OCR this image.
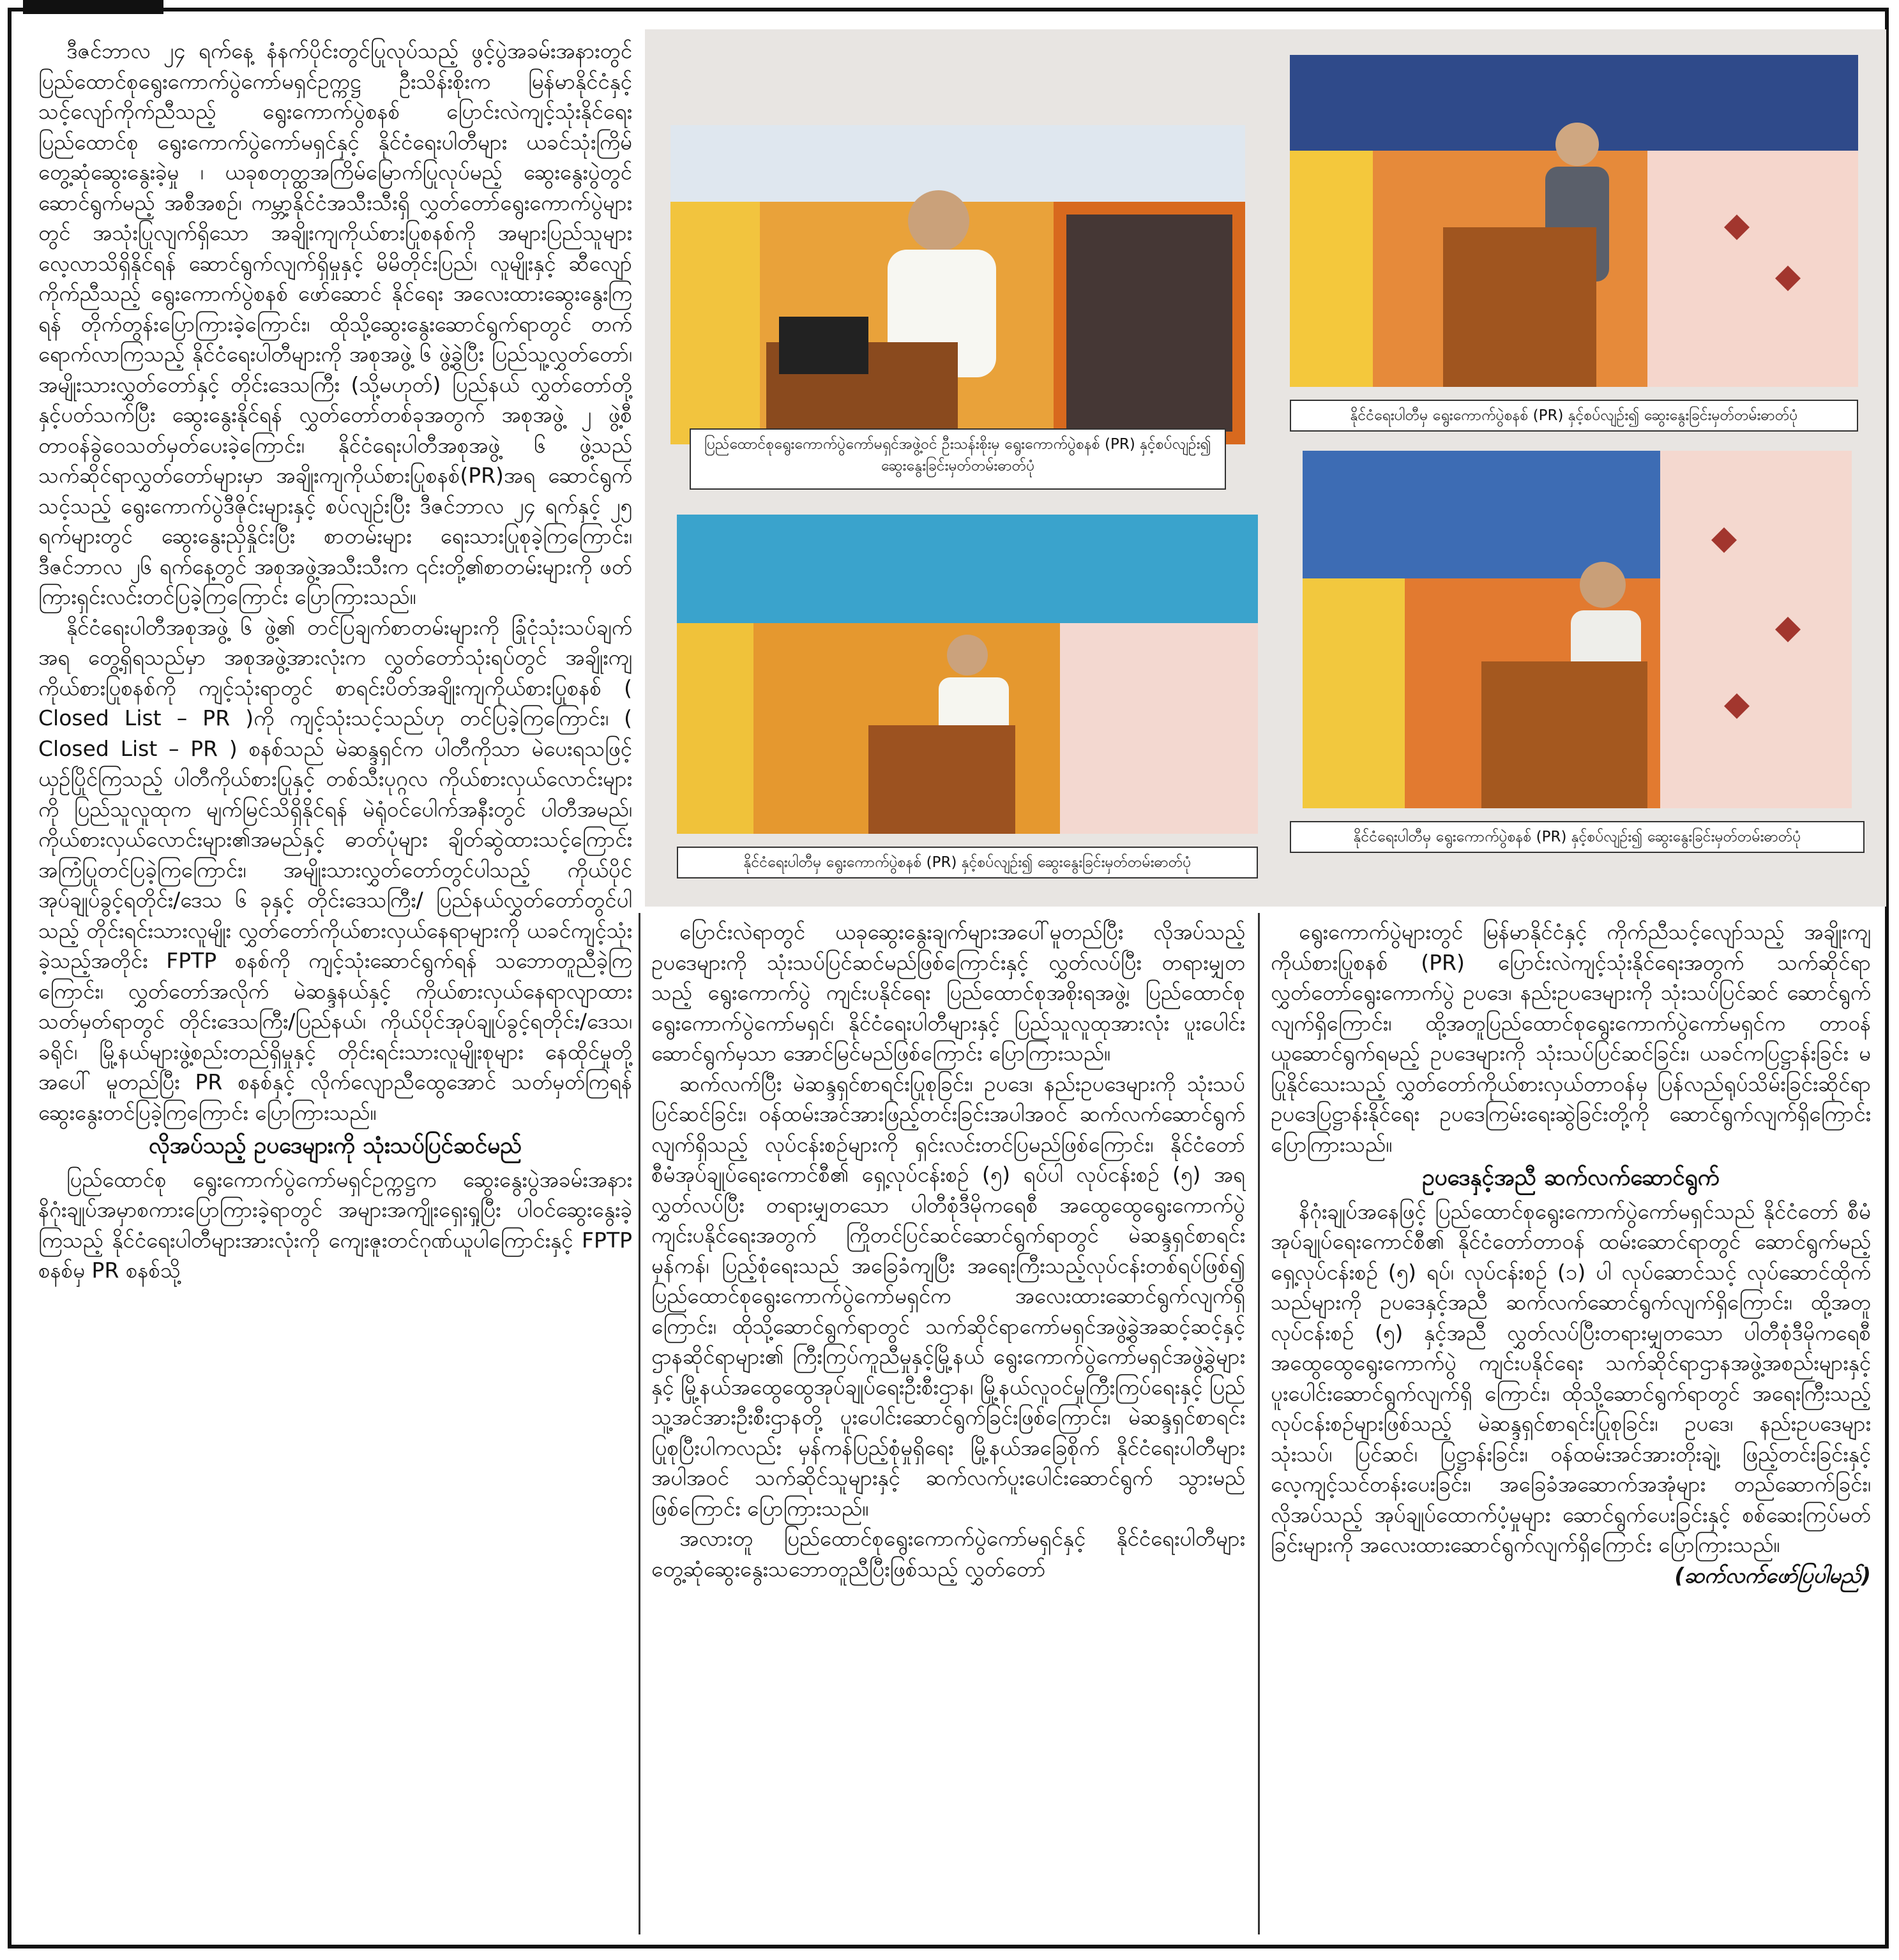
ဒီဇင်ဘာလ ၂၄ ရက်နေ့ နံနက်ပိုင်းတွင်ပြုလုပ်သည့် ဖွင့်ပွဲအခမ်းအနားတွင် ပြည်ထောင်စုရွေးကောက်ပွဲကော်မရှင်ဥက္ကဋ္ဌ ဦးသိန်းစိုးက မြန်မာနိုင်ငံနှင့် သင့်လျော်ကိုက်ညီသည့် ရွေးကောက်ပွဲစနစ် ပြောင်းလဲကျင့်သုံးနိုင်ရေး ပြည်ထောင်စု ရွေးကောက်ပွဲကော်မရှင်နှင့် နိုင်ငံရေးပါတီများ ယခင်သုံးကြိမ် တွေ့ဆုံဆွေးနွေးခဲ့မှု ၊ ယခုစတုတ္ထအကြိမ်မြောက်ပြုလုပ်မည့် ဆွေးနွေးပွဲတွင် ဆောင်ရွက်မည့် အစီအစဉ်၊ ကမ္ဘာ့နိုင်ငံအသီးသီးရှိ လွှတ်တော်ရွေးကောက်ပွဲများတွင် အသုံးပြုလျက်ရှိသော အချိုးကျကိုယ်စားပြုစနစ်ကို အများပြည်သူများ လေ့လာသိရှိနိုင်ရန် ဆောင်ရွက်လျက်ရှိမှုနှင့် မိမိတိုင်းပြည်၊ လူမျိုးနှင့် ဆီလျော်ကိုက်ညီသည့် ရွေးကောက်ပွဲစနစ် ဖော်ဆောင် နိုင်ရေး အလေးထားဆွေးနွေးကြရန် တိုက်တွန်းပြောကြားခဲ့ကြောင်း၊ ထိုသို့ဆွေးနွေးဆောင်ရွက်ရာတွင် တက်ရောက်လာကြသည့် နိုင်ငံရေးပါတီများကို အစုအဖွဲ့ ၆ ဖွဲ့ခွဲပြီး ပြည်သူ့လွှတ်တော်၊ အမျိုးသားလွှတ်တော်နှင့် တိုင်းဒေသကြီး (သို့မဟုတ်) ပြည်နယ် လွှတ်တော်တို့နှင့်ပတ်သက်ပြီး ဆွေးနွေးနိုင်ရန် လွှတ်တော်တစ်ခုအတွက် အစုအဖွဲ့ ၂ ဖွဲ့စီ တာဝန်ခွဲဝေသတ်မှတ်ပေးခဲ့ကြောင်း၊ နိုင်ငံရေးပါတီအစုအဖွဲ့ ၆ ဖွဲ့သည် သက်ဆိုင်ရာလွှတ်တော်များမှာ အချိုးကျကိုယ်စားပြုစနစ်(PR)အရ ဆောင်ရွက်သင့်သည့် ရွေးကောက်ပွဲဒီဇိုင်းများနှင့် စပ်လျဉ်းပြီး ဒီဇင်ဘာလ ၂၄ ရက်နှင့် ၂၅ ရက်များတွင် ဆွေးနွေးညှိနှိုင်းပြီး စာတမ်းများ ရေးသားပြုစုခဲ့ကြကြောင်း၊ ဒီဇင်ဘာလ ၂၆ ရက်နေ့တွင် အစုအဖွဲ့အသီးသီးက ၎င်းတို့၏စာတမ်းများကို ဖတ်ကြားရှင်းလင်းတင်ပြခဲ့ကြကြောင်း ပြောကြားသည်။

နိုင်ငံရေးပါတီအစုအဖွဲ့ ၆ ဖွဲ့၏ တင်ပြချက်စာတမ်းများကို ခြုံငုံသုံးသပ်ချက်အရ တွေ့ရှိရသည်မှာ အစုအဖွဲ့အားလုံးက လွှတ်တော်သုံးရပ်တွင် အချိုးကျ ကိုယ်စားပြုစနစ်ကို ကျင့်သုံးရာတွင် စာရင်းပိတ်အချိုးကျကိုယ်စားပြုစနစ် ( Closed List – PR )ကို ကျင့်သုံးသင့်သည်ဟု တင်ပြခဲ့ကြကြောင်း၊ ( Closed List – PR ) စနစ်သည် မဲဆန္ဒရှင်က ပါတီကိုသာ မဲပေးရသဖြင့် ယှဉ်ပြိုင်ကြသည့် ပါတီကိုယ်စားပြုနှင့် တစ်သီးပုဂ္ဂလ ကိုယ်စားလှယ်လောင်းများကို ပြည်သူလူထုက မျက်မြင်သိရှိနိုင်ရန် မဲရုံဝင်ပေါက်အနီးတွင် ပါတီအမည်၊ ကိုယ်စားလှယ်လောင်းများ၏အမည်နှင့် ဓာတ်ပုံများ ချိတ်ဆွဲထားသင့်ကြောင်း အကြံပြုတင်ပြခဲ့ကြကြောင်း၊ အမျိုးသားလွှတ်တော်တွင်ပါသည့် ကိုယ်ပိုင်အုပ်ချုပ်ခွင့်ရတိုင်း/ဒေသ ၆ ခုနှင့် တိုင်းဒေသကြီး/ ပြည်နယ်လွှတ်တော်တွင်ပါသည့် တိုင်းရင်းသားလူမျိုး လွှတ်တော်ကိုယ်စားလှယ်နေရာများကို ယခင်ကျင့်သုံးခဲ့သည့်အတိုင်း FPTP စနစ်ကို ကျင့်သုံးဆောင်ရွက်ရန် သဘောတူညီခဲ့ကြကြောင်း၊ လွှတ်တော်အလိုက် မဲဆန္ဒနယ်နှင့် ကိုယ်စားလှယ်နေရာလျာထား သတ်မှတ်ရာတွင် တိုင်းဒေသကြီး/ပြည်နယ်၊ ကိုယ်ပိုင်အုပ်ချုပ်ခွင့်ရတိုင်း/ဒေသ၊ ခရိုင်၊ မြို့နယ်များဖွဲ့စည်းတည်ရှိမှုနှင့် တိုင်းရင်းသားလူမျိုးစုများ နေထိုင်မှုတို့အပေါ် မူတည်ပြီး PR စနစ်နှင့် လိုက်လျောညီထွေအောင် သတ်မှတ်ကြရန် ဆွေးနွေးတင်ပြခဲ့ကြကြောင်း ပြောကြားသည်။

လိုအပ်သည့် ဥပဒေများကို သုံးသပ်ပြင်ဆင်မည်

ပြည်ထောင်စု ရွေးကောက်ပွဲကော်မရှင်ဥက္ကဋ္ဌက ဆွေးနွေးပွဲအခမ်းအနား နိဂုံးချုပ်အမှာစကားပြောကြားခဲ့ရာတွင် အများအကျိုးရှေးရှုပြီး ပါဝင်ဆွေးနွေးခဲ့ကြသည့် နိုင်ငံရေးပါတီများအားလုံးကို ကျေးဇူးတင်ဂုဏ်ယူပါကြောင်းနှင့် FPTP စနစ်မှ PR စနစ်သို့

ပြည်ထောင်စုရွေးကောက်ပွဲကော်မရှင်အဖွဲ့ဝင် ဦးသန်းစိုးမှ ရွေးကောက်ပွဲစနစ် (PR) နှင့်စပ်လျဉ်း၍ ဆွေးနွေးခြင်းမှတ်တမ်းဓာတ်ပုံ
နိုင်ငံရေးပါတီမှ ရွေးကောက်ပွဲစနစ် (PR) နှင့်စပ်လျဉ်း၍ ဆွေးနွေးခြင်းမှတ်တမ်းဓာတ်ပုံ
နိုင်ငံရေးပါတီမှ ရွေးကောက်ပွဲစနစ် (PR) နှင့်စပ်လျဉ်း၍ ဆွေးနွေးခြင်းမှတ်တမ်းဓာတ်ပုံ
နိုင်ငံရေးပါတီမှ ရွေးကောက်ပွဲစနစ် (PR) နှင့်စပ်လျဉ်း၍ ဆွေးနွေးခြင်းမှတ်တမ်းဓာတ်ပုံ

ပြောင်းလဲရာတွင် ယခုဆွေးနွေးချက်များအပေါ်မူတည်ပြီး လိုအပ်သည့် ဥပဒေများကို သုံးသပ်ပြင်ဆင်မည်ဖြစ်ကြောင်းနှင့် လွှတ်လပ်ပြီး တရားမျှတသည့် ရွေးကောက်ပွဲ ကျင်းပနိုင်ရေး ပြည်ထောင်စုအစိုးရအဖွဲ့၊ ပြည်ထောင်စုရွေးကောက်ပွဲကော်မရှင်၊ နိုင်ငံရေးပါတီများနှင့် ပြည်သူလူထုအားလုံး ပူးပေါင်းဆောင်ရွက်မှသာ အောင်မြင်မည်ဖြစ်ကြောင်း ပြောကြားသည်။

ဆက်လက်ပြီး မဲဆန္ဒရှင်စာရင်းပြုစုခြင်း၊ ဥပဒေ၊ နည်းဥပဒေများကို သုံးသပ်ပြင်ဆင်ခြင်း၊ ဝန်ထမ်းအင်အားဖြည့်တင်းခြင်းအပါအဝင် ဆက်လက်ဆောင်ရွက်လျက်ရှိသည့် လုပ်ငန်းစဉ်များကို ရှင်းလင်းတင်ပြမည်ဖြစ်ကြောင်း၊ နိုင်ငံတော် စီမံအုပ်ချုပ်ရေးကောင်စီ၏ ရှေ့လုပ်ငန်းစဉ် (၅) ရပ်ပါ လုပ်ငန်းစဉ် (၅) အရ လွှတ်လပ်ပြီး တရားမျှတသော ပါတီစုံဒီမိုကရေစီ အထွေထွေရွေးကောက်ပွဲကျင်းပနိုင်ရေးအတွက် ကြိုတင်ပြင်ဆင်ဆောင်ရွက်ရာတွင် မဲဆန္ဒရှင်စာရင်းမှန်ကန်၊ ပြည့်စုံရေးသည် အခြေခံကျပြီး အရေးကြီးသည့်လုပ်ငန်းတစ်ရပ်ဖြစ်၍ ပြည်ထောင်စုရွေးကောက်ပွဲကော်မရှင်က အလေးထားဆောင်ရွက်လျက်ရှိကြောင်း၊ ထိုသို့ဆောင်ရွက်ရာတွင် သက်ဆိုင်ရာကော်မရှင်အဖွဲ့ခွဲအဆင့်ဆင့်နှင့် ဌာနဆိုင်ရာများ၏ ကြီးကြပ်ကူညီမှုနှင့်မြို့နယ် ရွေးကောက်ပွဲကော်မရှင်အဖွဲ့ခွဲများနှင့် မြို့နယ်အထွေထွေအုပ်ချုပ်ရေးဦးစီးဌာန၊ မြို့နယ်လူဝင်မှုကြီးကြပ်ရေးနှင့် ပြည်သူ့အင်အားဦးစီးဌာနတို့ ပူးပေါင်းဆောင်ရွက်ခြင်းဖြစ်ကြောင်း၊ မဲဆန္ဒရှင်စာရင်းပြုစုပြီးပါကလည်း မှန်ကန်ပြည့်စုံမှုရှိရေး မြို့နယ်အခြေစိုက် နိုင်ငံရေးပါတီများအပါအဝင် သက်ဆိုင်သူများနှင့် ဆက်လက်ပူးပေါင်းဆောင်ရွက် သွားမည်ဖြစ်ကြောင်း ပြောကြားသည်။

အလားတူ ပြည်ထောင်စုရွေးကောက်ပွဲကော်မရှင်နှင့် နိုင်ငံရေးပါတီများ တွေ့ဆုံဆွေးနွေးသဘောတူညီပြီးဖြစ်သည့် လွှတ်တော်

ရွေးကောက်ပွဲများတွင် မြန်မာနိုင်ငံနှင့် ကိုက်ညီသင့်လျော်သည့် အချိုးကျကိုယ်စားပြုစနစ် (PR) ပြောင်းလဲကျင့်သုံးနိုင်ရေးအတွက် သက်ဆိုင်ရာလွှတ်တော်ရွေးကောက်ပွဲ ဥပဒေ၊ နည်းဥပဒေများကို သုံးသပ်ပြင်ဆင် ဆောင်ရွက်လျက်ရှိကြောင်း၊ ထို့အတူပြည်ထောင်စုရွေးကောက်ပွဲကော်မရှင်က တာဝန်ယူဆောင်ရွက်ရမည့် ဥပဒေများကို သုံးသပ်ပြင်ဆင်ခြင်း၊ ယခင်ကပြဋ္ဌာန်းခြင်း မပြုနိုင်သေးသည့် လွှတ်တော်ကိုယ်စားလှယ်တာဝန်မှ ပြန်လည်ရုပ်သိမ်းခြင်းဆိုင်ရာ ဥပဒေပြဋ္ဌာန်းနိုင်ရေး ဥပဒေကြမ်းရေးဆွဲခြင်းတို့ကို ဆောင်ရွက်လျက်ရှိကြောင်း ပြောကြားသည်။

ဥပဒေနှင့်အညီ ဆက်လက်ဆောင်ရွက်

နိဂုံးချုပ်အနေဖြင့် ပြည်ထောင်စုရွေးကောက်ပွဲကော်မရှင်သည် နိုင်ငံတော် စီမံအုပ်ချုပ်ရေးကောင်စီ၏ နိုင်ငံတော်တာဝန် ထမ်းဆောင်ရာတွင် ဆောင်ရွက်မည့် ရှေ့လုပ်ငန်းစဉ် (၅) ရပ်၊ လုပ်ငန်းစဉ် (၁) ပါ လုပ်ဆောင်သင့် လုပ်ဆောင်ထိုက်သည်များကို ဥပဒေနှင့်အညီ ဆက်လက်ဆောင်ရွက်လျက်ရှိကြောင်း၊ ထို့အတူ လုပ်ငန်းစဉ် (၅) နှင့်အညီ လွှတ်လပ်ပြီးတရားမျှတသော ပါတီစုံဒီမိုကရေစီ အထွေထွေရွေးကောက်ပွဲ ကျင်းပနိုင်ရေး သက်ဆိုင်ရာဌာနအဖွဲ့အစည်းများနှင့် ပူးပေါင်းဆောင်ရွက်လျက်ရှိ ကြောင်း၊ ထိုသို့ဆောင်ရွက်ရာတွင် အရေးကြီးသည့် လုပ်ငန်းစဉ်များဖြစ်သည့် မဲဆန္ဒရှင်စာရင်းပြုစုခြင်း၊ ဥပဒေ၊ နည်းဥပဒေများ သုံးသပ်၊ ပြင်ဆင်၊ ပြဋ္ဌာန်းခြင်း၊ ဝန်ထမ်းအင်အားတိုးချဲ့၊ ဖြည့်တင်းခြင်းနှင့် လေ့ကျင့်သင်တန်းပေးခြင်း၊ အခြေခံအဆောက်အအုံများ တည်ဆောက်ခြင်း၊ လိုအပ်သည့် အုပ်ချုပ်ထောက်ပံ့မှုများ ဆောင်ရွက်ပေးခြင်းနှင့် စစ်ဆေးကြပ်မတ်ခြင်းများကို အလေးထားဆောင်ရွက်လျက်ရှိကြောင်း ပြောကြားသည်။

(ဆက်လက်ဖော်ပြပါမည်)
